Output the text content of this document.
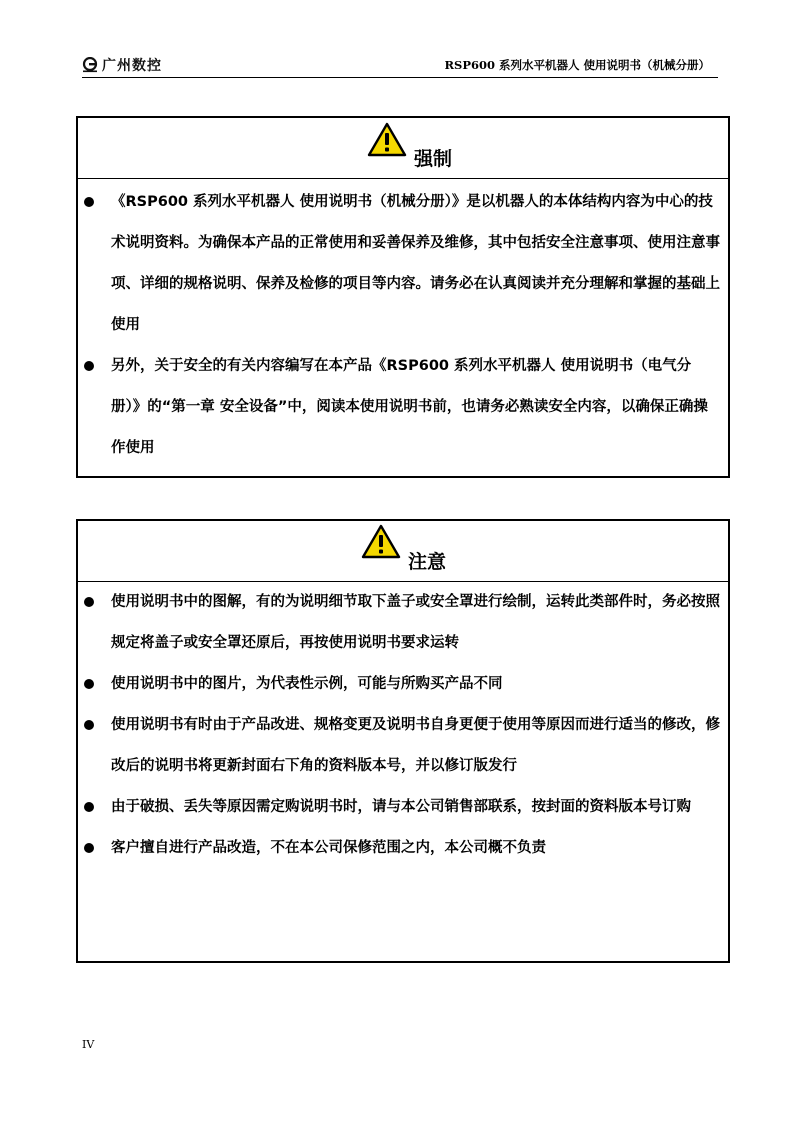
广州数控	RSP600 系列水平机器人 使用说明书（机械分册）
强制
《RSP600 系列水平机器人 使用说明书（机械分册）》是以机器人的本体结构内容为中心的技术说明资料。为确保本产品的正常使用和妥善保养及维修，其中包括安全注意事项、使用注意事项、详细的规格说明、保养及检修的项目等内容。请务必在认真阅读并充分理解和掌握的基础上使用
另外，关于安全的有关内容编写在本产品《RSP600 系列水平机器人 使用说明书（电气分册）》的“第一章 安全设备”中，阅读本使用说明书前，也请务必熟读安全内容，以确保正确操作使用
注意
使用说明书中的图解，有的为说明细节取下盖子或安全罩进行绘制，运转此类部件时，务必按照规定将盖子或安全罩还原后，再按使用说明书要求运转
使用说明书中的图片，为代表性示例，可能与所购买产品不同
使用说明书有时由于产品改进、规格变更及说明书自身更便于使用等原因而进行适当的修改，修改后的说明书将更新封面右下角的资料版本号，并以修订版发行
由于破损、丢失等原因需定购说明书时，请与本公司销售部联系，按封面的资料版本号订购
客户擅自进行产品改造，不在本公司保修范围之内，本公司概不负责
IV
